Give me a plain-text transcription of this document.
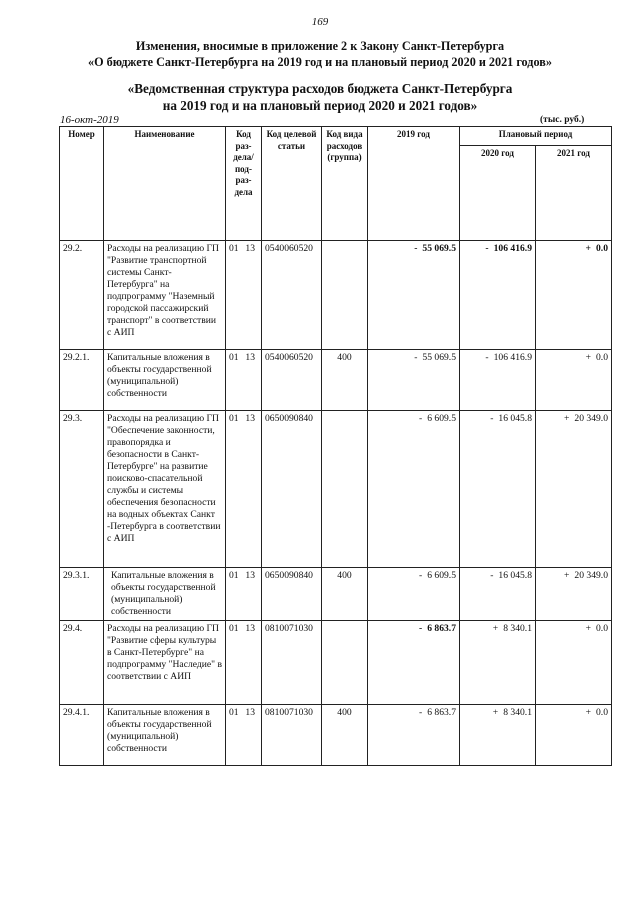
169
Изменения, вносимые в приложение 2 к Закону Санкт-Петербурга
«О бюджете Санкт-Петербурга на 2019 год и на плановый период 2020 и 2021 годов»
«Ведомственная структура расходов бюджета Санкт-Петербурга
на 2019 год и на плановый период 2020 и 2021 годов»
16-окт-2019	(тыс. руб.)
Номер	Наименование	Код раз-дела/ под-раз-дела	Код целевой статьи	Код вида расходов (группа)	2019 год	Плановый период	
						2020 год	2021 год
29.2.	Расходы на реализацию ГП "Развитие транспортной системы Санкт-Петербурга" на подпрограмму "Наземный городской пассажирский транспорт" в соответствии с АИП	01 13	0540060520		- 55 069.5	- 106 416.9	+ 0.0
29.2.1.	Капитальные вложения в объекты государственной (муниципальной) собственности	01 13	0540060520	400	- 55 069.5	- 106 416.9	+ 0.0
29.3.	Расходы на реализацию ГП "Обеспечение законности, правопорядка и безопасности в Санкт-Петербурге" на развитие поисково-спасательной службы и системы обеспечения безопасности на водных объектах Санкт -Петербурга в соответствии с АИП	01 13	0650090840		- 6 609.5	- 16 045.8	+ 20 349.0
29.3.1.	Капитальные вложения в объекты государственной (муниципальной) собственности	01 13	0650090840	400	- 6 609.5	- 16 045.8	+ 20 349.0
29.4.	Расходы на реализацию ГП "Развитие сферы культуры в Санкт-Петербурге" на подпрограмму "Наследие" в соответствии с АИП	01 13	0810071030		- 6 863.7	+ 8 340.1	+ 0.0
29.4.1.	Капитальные вложения в объекты государственной (муниципальной) собственности	01 13	0810071030	400	- 6 863.7	+ 8 340.1	+ 0.0
